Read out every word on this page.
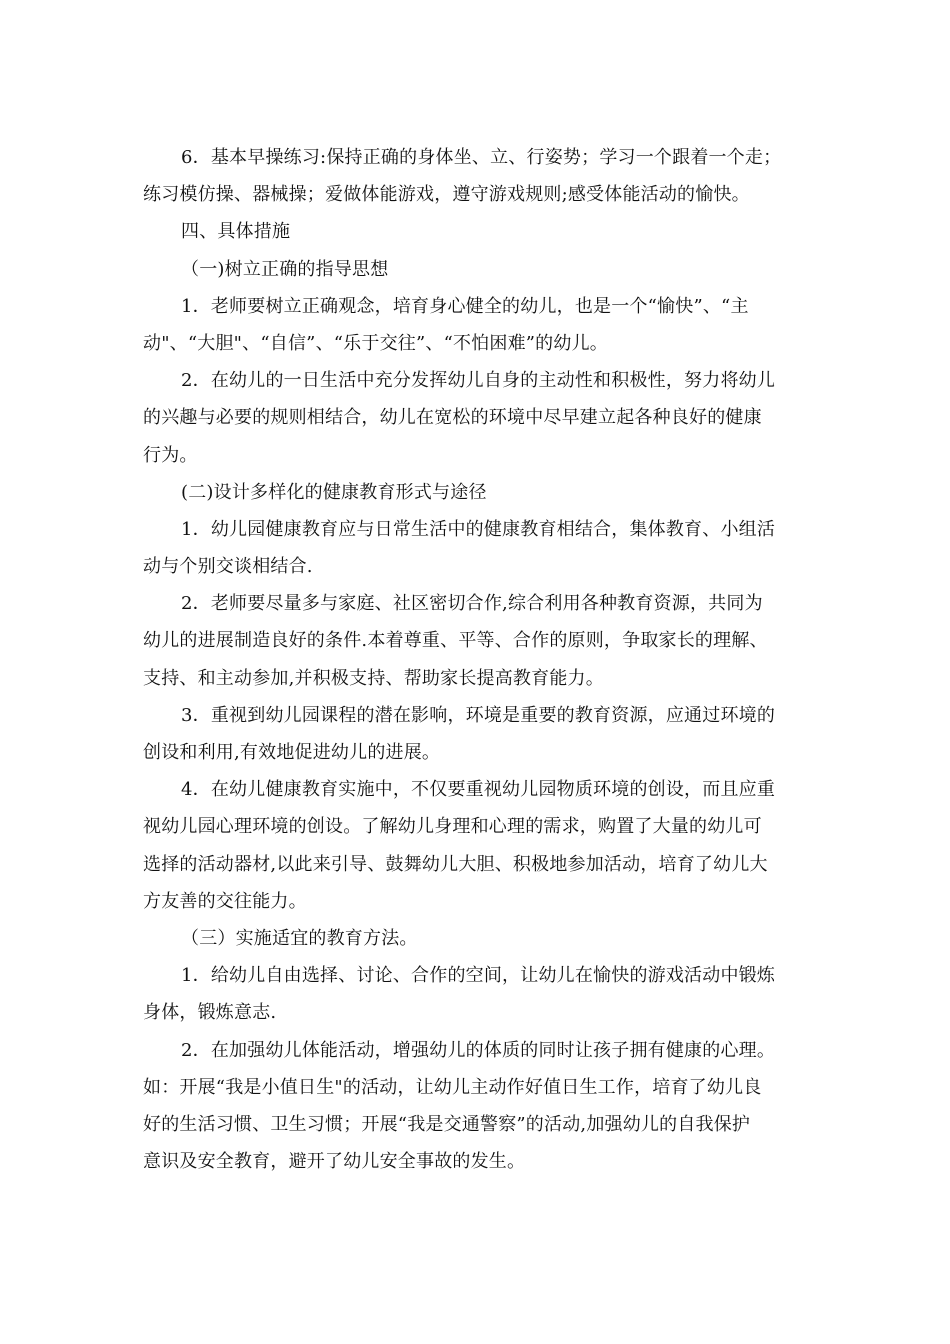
6．基本早操练习:保持正确的身体坐、立、行姿势；学习一个跟着一个走；
练习模仿操、器械操；爱做体能游戏，遵守游戏规则;感受体能活动的愉快。
四、具体措施
（一)树立正确的指导思想
1．老师要树立正确观念，培育身心健全的幼儿，也是一个“愉快”、“主
动"、“大胆"、“自信”、“乐于交往”、“不怕困难”的幼儿。
2．在幼儿的一日生活中充分发挥幼儿自身的主动性和积极性，努力将幼儿
的兴趣与必要的规则相结合，幼儿在宽松的环境中尽早建立起各种良好的健康
行为。
(二)设计多样化的健康教育形式与途径
1．幼儿园健康教育应与日常生活中的健康教育相结合，集体教育、小组活
动与个别交谈相结合.
2．老师要尽量多与家庭、社区密切合作,综合利用各种教育资源，共同为
幼儿的进展制造良好的条件.本着尊重、平等、合作的原则，争取家长的理解、
支持、和主动参加,并积极支持、帮助家长提高教育能力。
3．重视到幼儿园课程的潜在影响，环境是重要的教育资源，应通过环境的
创设和利用,有效地促进幼儿的进展。
4．在幼儿健康教育实施中，不仅要重视幼儿园物质环境的创设，而且应重
视幼儿园心理环境的创设。了解幼儿身理和心理的需求，购置了大量的幼儿可
选择的活动器材,以此来引导、鼓舞幼儿大胆、积极地参加活动，培育了幼儿大
方友善的交往能力。
（三）实施适宜的教育方法。
1．给幼儿自由选择、讨论、合作的空间，让幼儿在愉快的游戏活动中锻炼
身体，锻炼意志.
2．在加强幼儿体能活动，增强幼儿的体质的同时让孩子拥有健康的心理。
如：开展“我是小值日生"的活动，让幼儿主动作好值日生工作，培育了幼儿良
好的生活习惯、卫生习惯；开展“我是交通警察”的活动,加强幼儿的自我保护
意识及安全教育，避开了幼儿安全事故的发生。
